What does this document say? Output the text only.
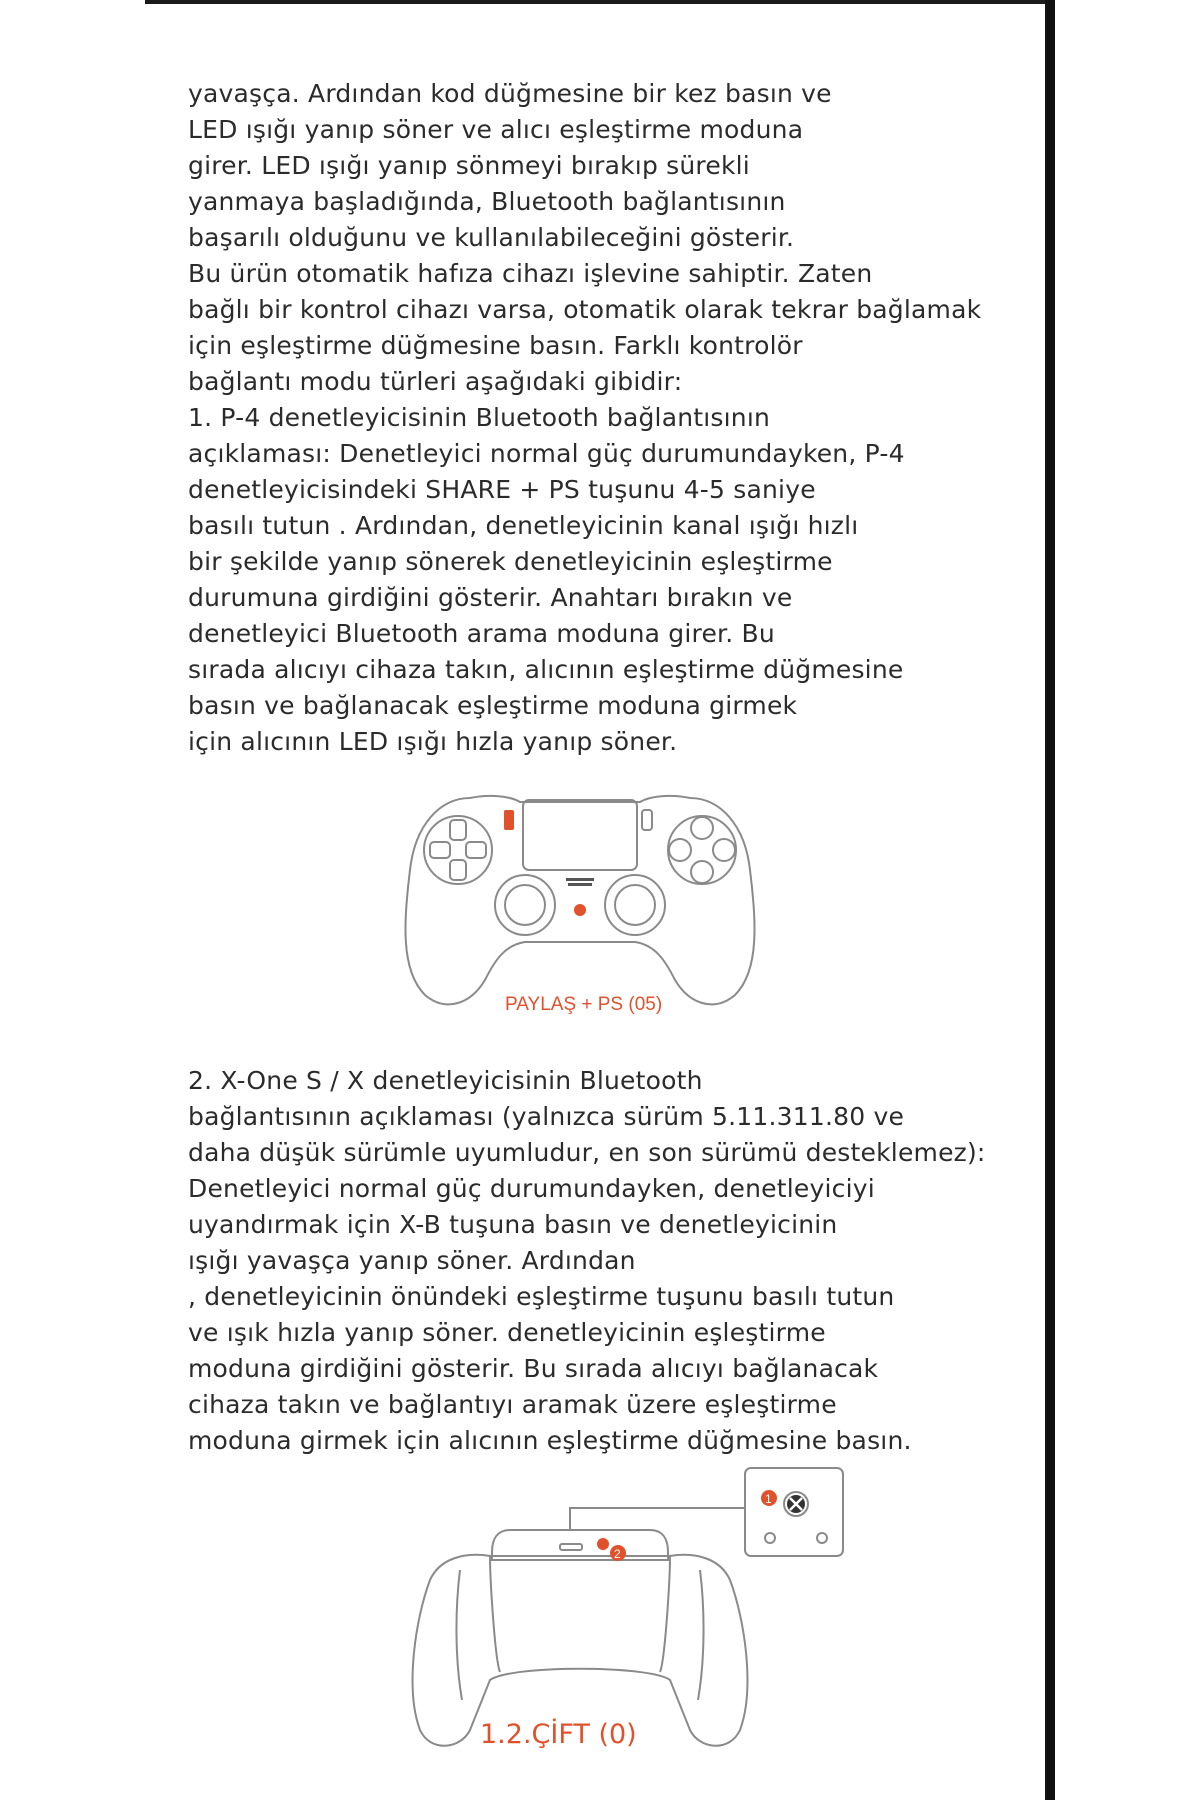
yavaşça. Ardından kod düğmesine bir kez basın ve
LED ışığı yanıp söner ve alıcı eşleştirme moduna
girer. LED ışığı yanıp sönmeyi bırakıp sürekli
yanmaya başladığında, Bluetooth bağlantısının
başarılı olduğunu ve kullanılabileceğini gösterir.
Bu ürün otomatik hafıza cihazı işlevine sahiptir. Zaten
bağlı bir kontrol cihazı varsa, otomatik olarak tekrar bağlamak
için eşleştirme düğmesine basın. Farklı kontrolör
bağlantı modu türleri aşağıdaki gibidir:
1. P-4 denetleyicisinin Bluetooth bağlantısının
açıklaması: Denetleyici normal güç durumundayken, P-4
denetleyicisindeki SHARE + PS tuşunu 4-5 saniye
basılı tutun . Ardından, denetleyicinin kanal ışığı hızlı
bir şekilde yanıp sönerek denetleyicinin eşleştirme
durumuna girdiğini gösterir. Anahtarı bırakın ve
denetleyici Bluetooth arama moduna girer. Bu
sırada alıcıyı cihaza takın, alıcının eşleştirme düğmesine
basın ve bağlanacak eşleştirme moduna girmek
için alıcının LED ışığı hızla yanıp söner.
PAYLAŞ + PS (05)
2. X-One S / X denetleyicisinin Bluetooth
bağlantısının açıklaması (yalnızca sürüm 5.11.311.80 ve
daha düşük sürümle uyumludur, en son sürümü desteklemez):
Denetleyici normal güç durumundayken, denetleyiciyi
uyandırmak için X-B tuşuna basın ve denetleyicinin
ışığı yavaşça yanıp söner. Ardından
, denetleyicinin önündeki eşleştirme tuşunu basılı tutun
ve ışık hızla yanıp söner. denetleyicinin eşleştirme
moduna girdiğini gösterir. Bu sırada alıcıyı bağlanacak
cihaza takın ve bağlantıyı aramak üzere eşleştirme
moduna girmek için alıcının eşleştirme düğmesine basın.
1
2
1.2.ÇİFT (0)
